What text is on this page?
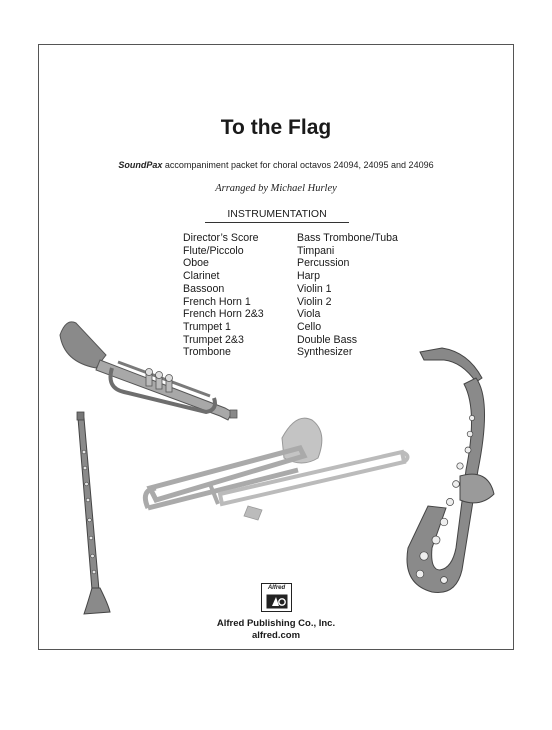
To the Flag
SoundPax accompaniment packet for choral octavos 24094, 24095 and 24096
Arranged by Michael Hurley
INSTRUMENTATION
Director’s Score
Flute/Piccolo
Oboe
Clarinet
Bassoon
French Horn 1
French Horn 2&3
Trumpet 1
Trumpet 2&3
Trombone
Bass Trombone/Tuba
Timpani
Percussion
Harp
Violin 1
Violin 2
Viola
Cello
Double Bass
Synthesizer
Alfred
Alfred Publishing Co., Inc.
alfred.com
